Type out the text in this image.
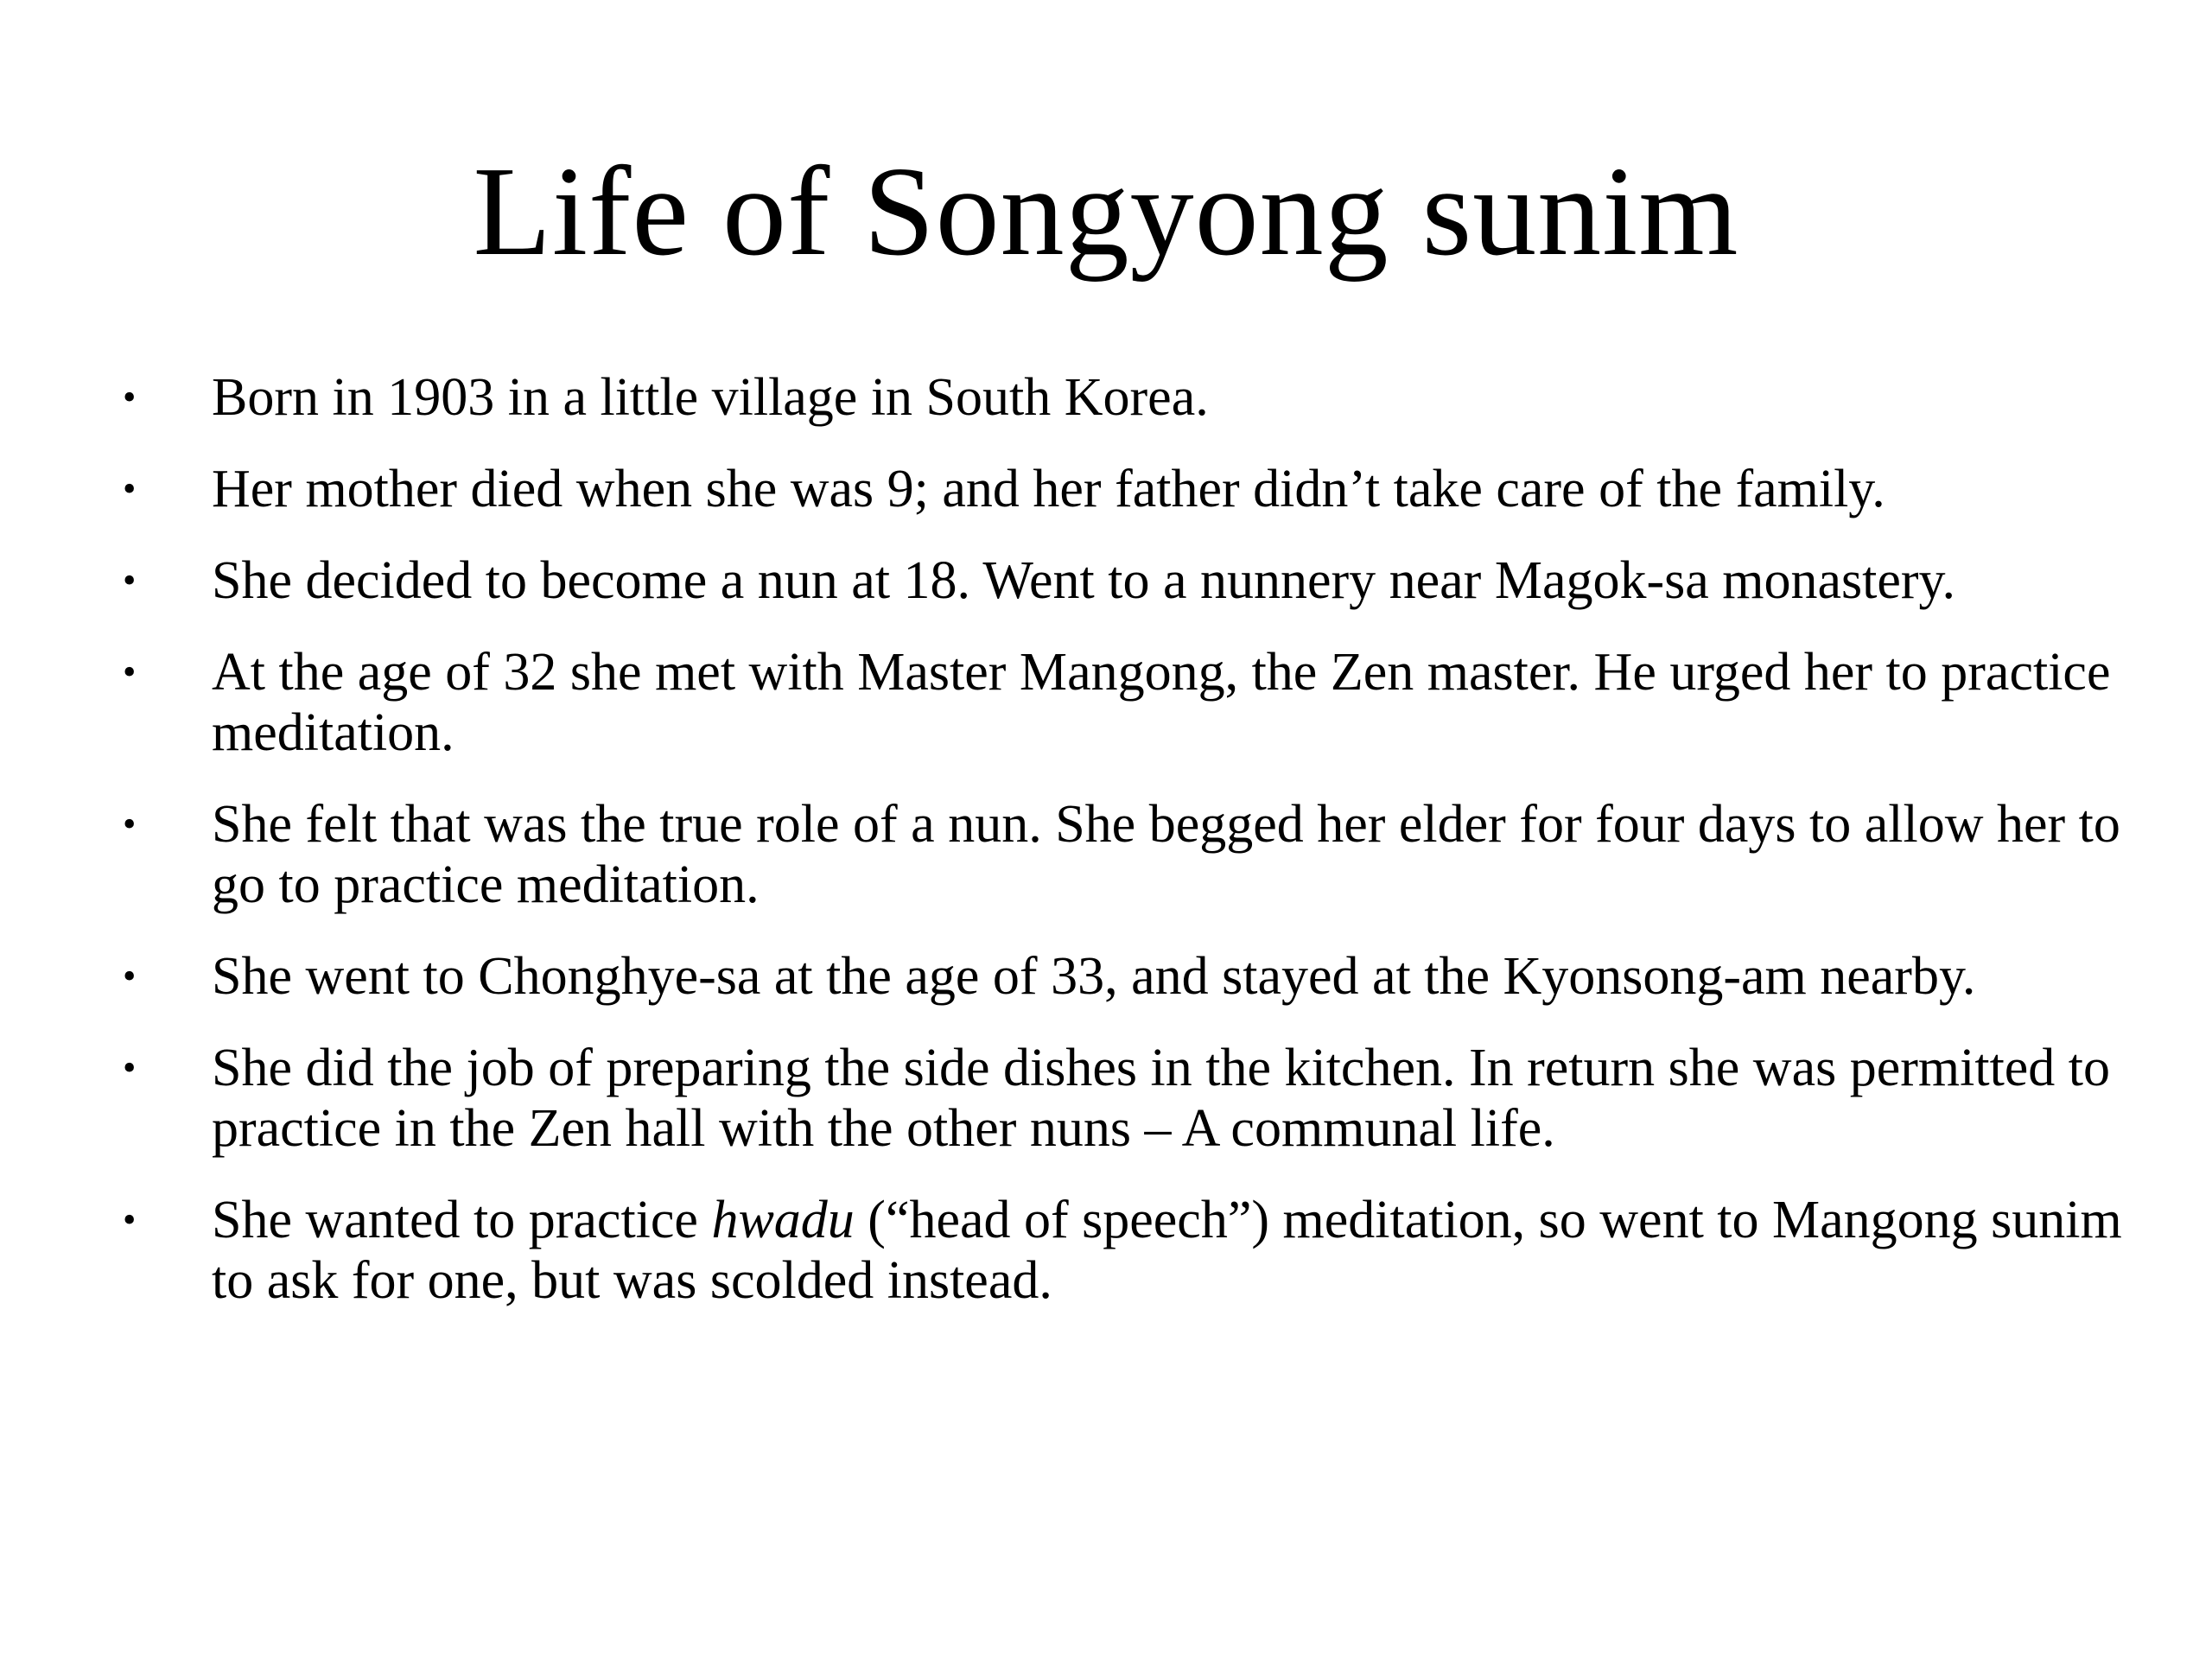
Life of Songyong sunim
• Born in 1903 in a little village in South Korea.
• Her mother died when she was 9; and her father didn’t take care of the family.
• She decided to become a nun at 18. Went to a nunnery near Magok-sa monastery.
• At the age of 32 she met with Master Mangong, the Zen master. He urged her to practice meditation.
• She felt that was the true role of a nun. She begged her elder for four days to allow her to go to practice meditation.
• She went to Chonghye-sa at the age of 33, and stayed at the Kyonsong-am nearby.
• She did the job of preparing the side dishes in the kitchen. In return she was permitted to practice in the Zen hall with the other nuns – A communal life.
• She wanted to practice hwadu (“head of speech”) meditation, so went to Mangong sunim to ask for one, but was scolded instead.
